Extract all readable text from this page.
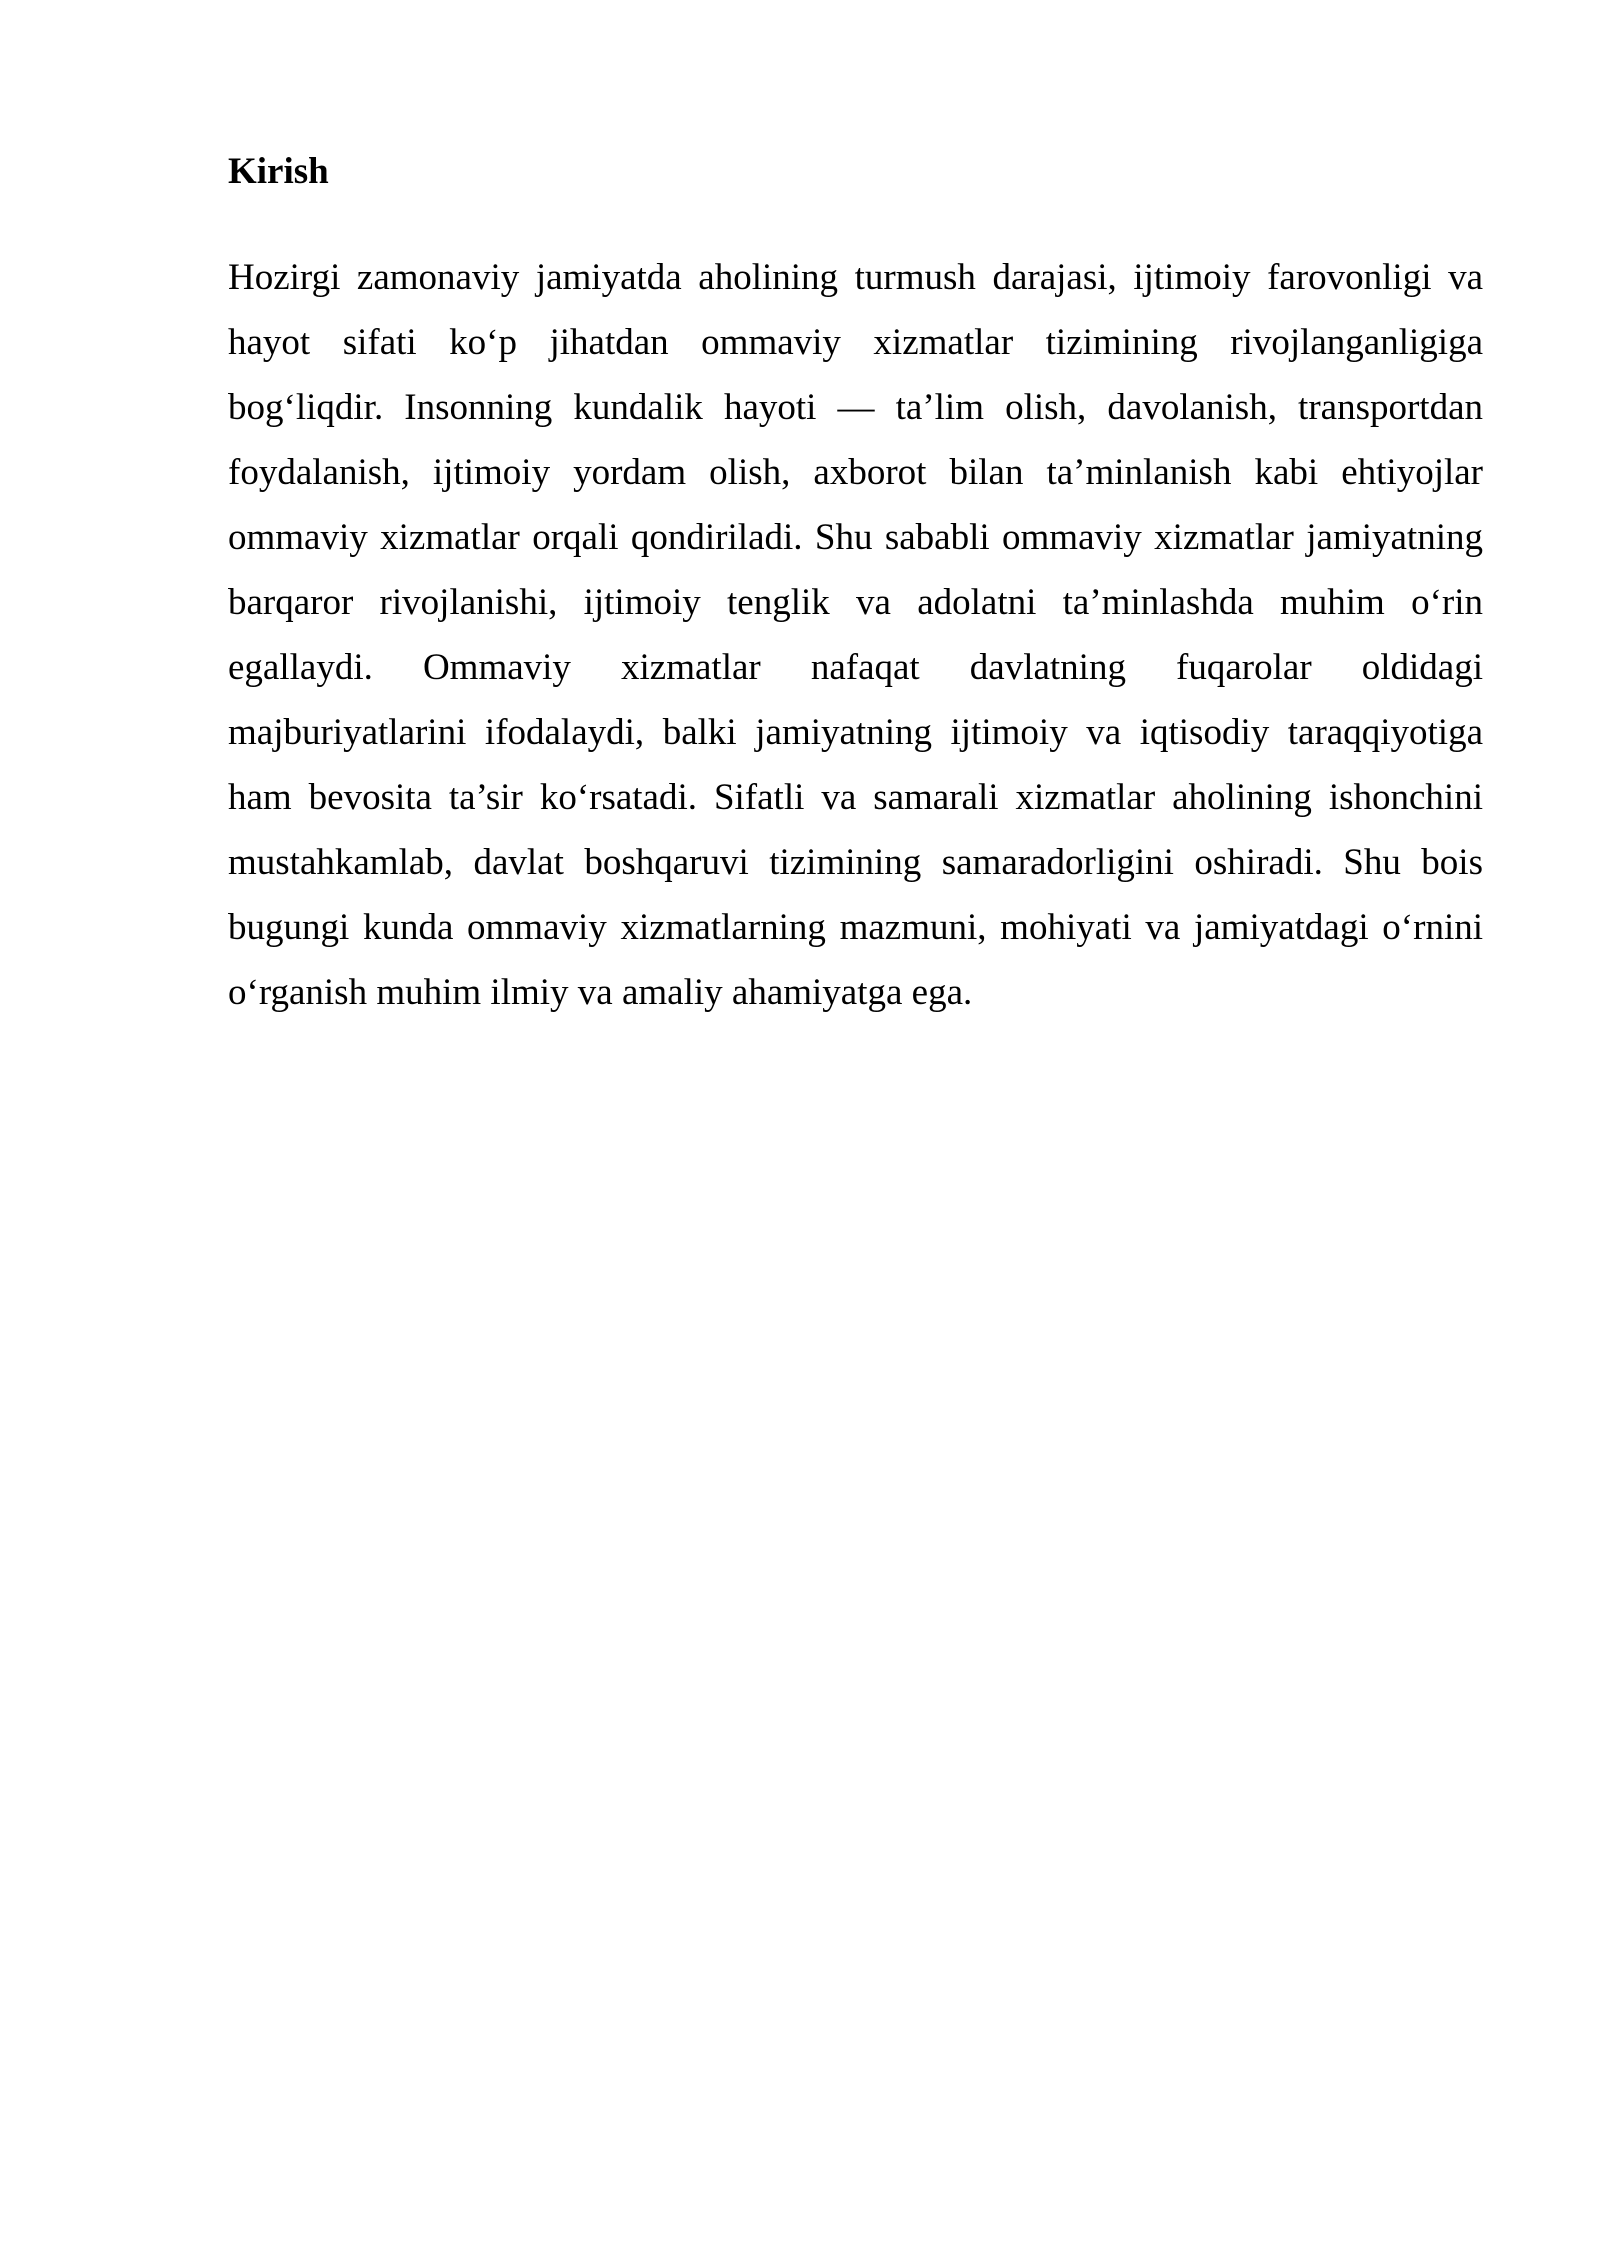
Kirish
Hozirgi zamonaviy jamiyatda aholining turmush darajasi, ijtimoiy farovonligi va
hayot sifati ko‘p jihatdan ommaviy xizmatlar tizimining rivojlanganligiga
bog‘liqdir. Insonning kundalik hayoti — ta’lim olish, davolanish, transportdan
foydalanish, ijtimoiy yordam olish, axborot bilan ta’minlanish kabi ehtiyojlar
ommaviy xizmatlar orqali qondiriladi. Shu sababli ommaviy xizmatlar jamiyatning
barqaror rivojlanishi, ijtimoiy tenglik va adolatni ta’minlashda muhim o‘rin
egallaydi. Ommaviy xizmatlar nafaqat davlatning fuqarolar oldidagi
majburiyatlarini ifodalaydi, balki jamiyatning ijtimoiy va iqtisodiy taraqqiyotiga
ham bevosita ta’sir ko‘rsatadi. Sifatli va samarali xizmatlar aholining ishonchini
mustahkamlab, davlat boshqaruvi tizimining samaradorligini oshiradi. Shu bois
bugungi kunda ommaviy xizmatlarning mazmuni, mohiyati va jamiyatdagi o‘rnini
o‘rganish muhim ilmiy va amaliy ahamiyatga ega.
